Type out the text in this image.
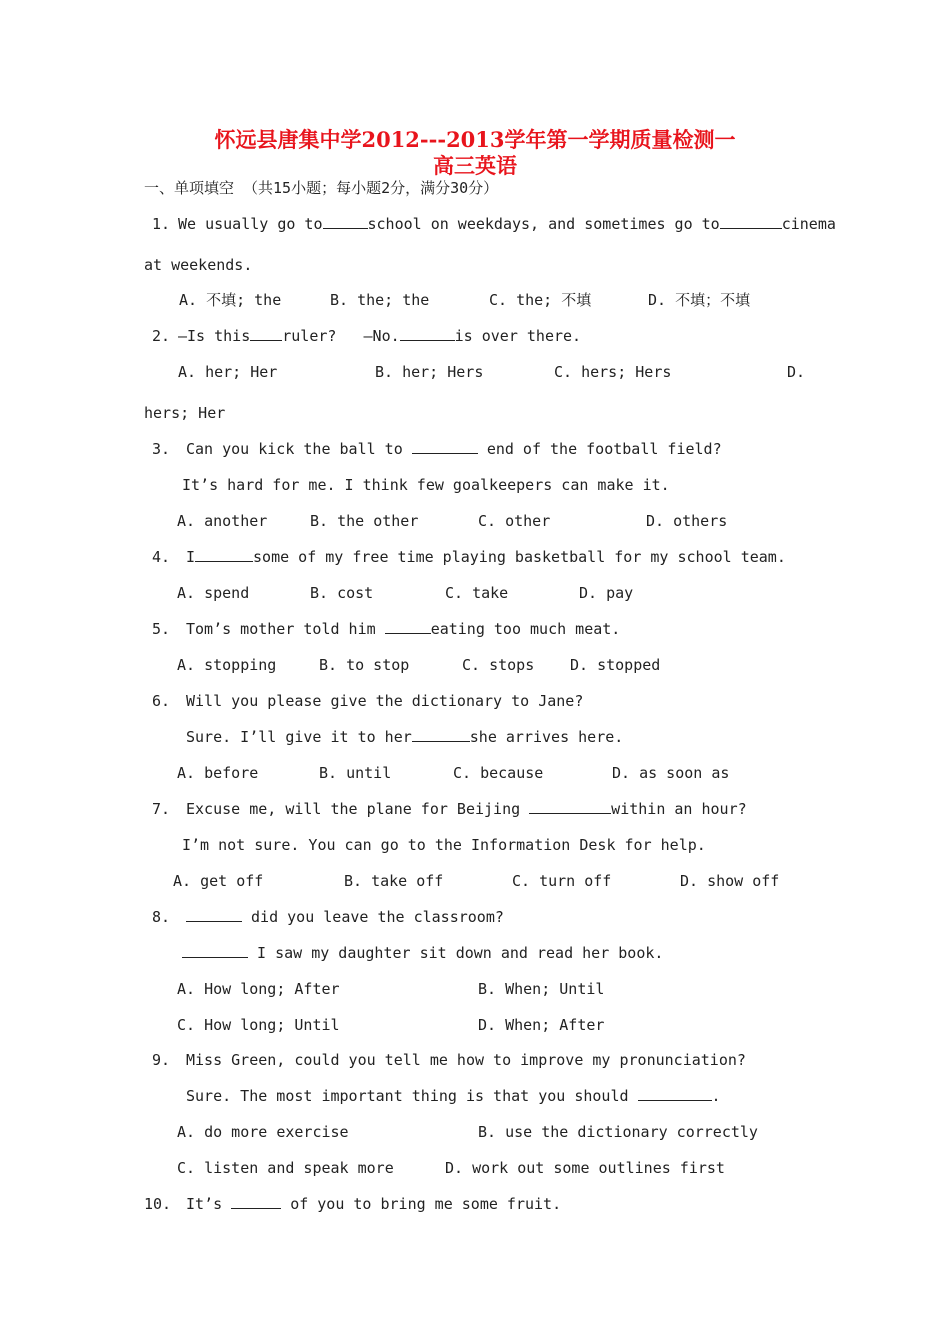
怀远县唐集中学2012---2013学年第一学期质量检测一
高三英语
一、单项填空 （共15小题；每小题2分，满分30分）
1. We usually go to	school on weekdays, and sometimes go to	cinema
at weekends.
A. 不填; the	B. the; the	C. the; 不填	D. 不填；不填
2. —Is this ruler?   —No.	is over there.
A. her; Her	B. her; Hers	C. hers; Hers	D.
hers; Her
3. Can you kick the ball to	end of the football field?
It’s hard for me. I think few goalkeepers can make it.
A. another	B. the other	C. other	D. others
4. I	some of my free time playing basketball for my school team.
A. spend	B. cost	C. take	D. pay
5. Tom’s mother told him	eating too much meat.
A. stopping	B. to stop	C. stops D. stopped
6. Will you please give the dictionary to Jane?
Sure. I’ll give it to her	she arrives here.
A. before	B. until	C. because	D. as soon as
7. Excuse me, will the plane for Beijing	within an hour?
I’m not sure. You can go to the Information Desk for help.
A. get off	B. take off	C. turn off	D. show off
8.	did you leave the classroom?
I saw my daughter sit down and read her book.
A. How long; After	B. When; Until
C. How long; Until	D. When; After
9. Miss Green, could you tell me how to improve my pronunciation?
Sure. The most important thing is that you should	.
A. do more exercise	B. use the dictionary correctly
C. listen and speak more	D. work out some outlines first
10. It’s	of you to bring me some fruit.
